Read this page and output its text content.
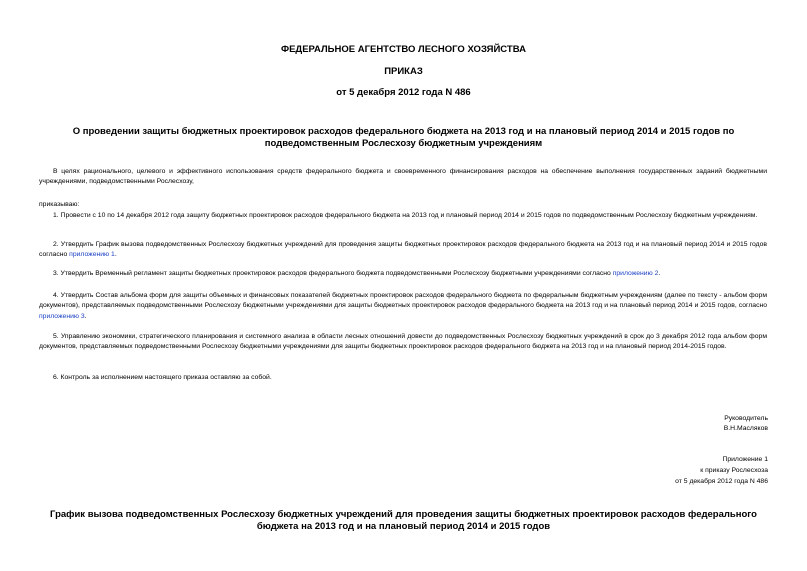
ФЕДЕРАЛЬНОЕ АГЕНТСТВО ЛЕСНОГО ХОЗЯЙСТВА
ПРИКАЗ
от 5 декабря 2012 года N 486
О проведении защиты бюджетных проектировок расходов федерального бюджета на 2013 год и на плановый период 2014 и 2015 годов по подведомственным Рослесхозу бюджетным учреждениям
В целях рационального, целевого и эффективного использования средств федерального бюджета и своевременного финансирования расходов на обеспечение выполнения государственных заданий бюджетными учреждениями, подведомственными Рослесхозу,
приказываю:
1. Провести с 10 по 14 декабря 2012 года защиту бюджетных проектировок расходов федерального бюджета на 2013 год и плановый период 2014 и 2015 годов по подведомственным Рослесхозу бюджетным учреждениям.
2. Утвердить График вызова подведомственных Рослесхозу бюджетных учреждений для проведения защиты бюджетных проектировок расходов федерального бюджета на 2013 год и на плановый период 2014 и 2015 годов согласно приложению 1.
3. Утвердить Временный регламент защиты бюджетных проектировок расходов федерального бюджета подведомственными Рослесхозу бюджетными учреждениями согласно приложению 2.
4. Утвердить Состав альбома форм для защиты объемных и финансовых показателей бюджетных проектировок расходов федерального бюджета по федеральным бюджетным учреждениям (далее по тексту - альбом форм документов), представляемых подведомственными Рослесхозу бюджетными учреждениями для защиты бюджетных проектировок расходов федерального бюджета на 2013 год и на плановый период 2014 и 2015 годов, согласно приложению 3.
5. Управлению экономики, стратегического планирования и системного анализа в области лесных отношений довести до подведомственных Рослесхозу бюджетных учреждений в срок до 3 декабря 2012 года альбом форм документов, представляемых подведомственными Рослесхозу бюджетными учреждениями для защиты бюджетных проектировок расходов федерального бюджета на 2013 год и на плановый период 2014-2015 годов.
6. Контроль за исполнением настоящего приказа оставляю за собой.
Руководитель
В.Н.Масляков
Приложение 1
к приказу Рослесхоза
от 5 декабря 2012 года N 486
График вызова подведомственных Рослесхозу бюджетных учреждений для проведения защиты бюджетных проектировок расходов федерального бюджета на 2013 год и на плановый период 2014 и 2015 годов
